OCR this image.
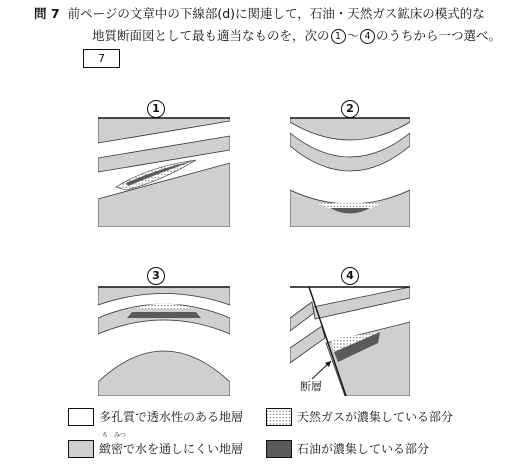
問 7 前ページの文章中の下線部(d)に関連して，石油・天然ガス鉱床の模式的な
地質断面図として最も適当なものを，次の 1 ～ 4 のうちから一つ選べ。
7
1	2
3	4
断層
多孔質で透水性のある地層	天然ガスが濃集している部分
ち　みつ
緻密で水を通しにくい地層	石油が濃集している部分
